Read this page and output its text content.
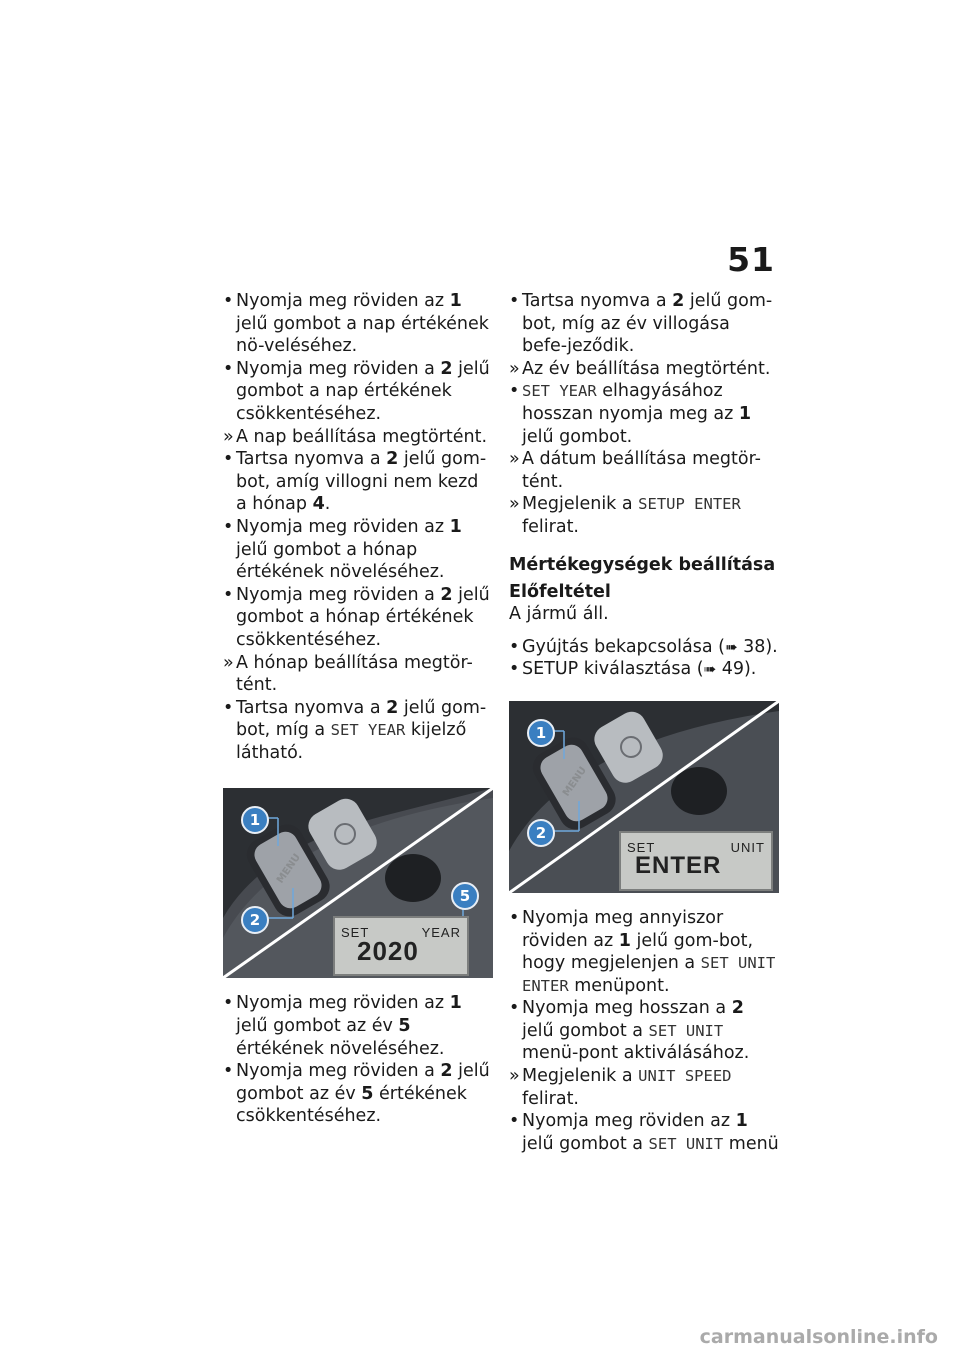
51
• Nyomja meg röviden az 1 jelű gombot a nap értékének nö-veléséhez.
• Nyomja meg röviden a 2 jelű gombot a nap értékének csökkentéséhez.
» A nap beállítása megtörtént.
• Tartsa nyomva a 2 jelű gom-bot, amíg villogni nem kezd a hónap 4.
• Nyomja meg röviden az 1 jelű gombot a hónap értékének növeléséhez.
• Nyomja meg röviden a 2 jelű gombot a hónap értékének csökkentéséhez.
» A hónap beállítása megtör-tént.
• Tartsa nyomva a 2 jelű gom-bot, míg a SET YEAR kijelző látható.
MENU
SET	YEAR
2020
1
2
5
• Nyomja meg röviden az 1 jelű gombot az év 5 értékének növeléséhez.
• Nyomja meg röviden a 2 jelű gombot az év 5 értékének csökkentéséhez.
• Tartsa nyomva a 2 jelű gom-bot, míg az év villogása befe-jeződik.
» Az év beállítása megtörtént.
• SET YEAR elhagyásához hosszan nyomja meg az 1 jelű gombot.
» A dátum beállítása megtör-tént.
» Megjelenik a SETUP ENTER felirat.
Mértékegységek beállítása
Előfeltétel
A jármű áll.
• Gyújtás bekapcsolása (➠ 38).
• SETUP kiválasztása (➠ 49).
MENU
SET	UNIT
ENTER
1
2
• Nyomja meg annyiszor röviden az 1 jelű gom-bot, hogy megjelenjen a SET UNIT ENTER menüpont.
• Nyomja meg hosszan a 2 jelű gombot a SET UNIT menü-pont aktiválásához.
» Megjelenik a UNIT SPEED felirat.
• Nyomja meg röviden az 1 jelű gombot a SET UNIT menü
carmanualsonline.info
